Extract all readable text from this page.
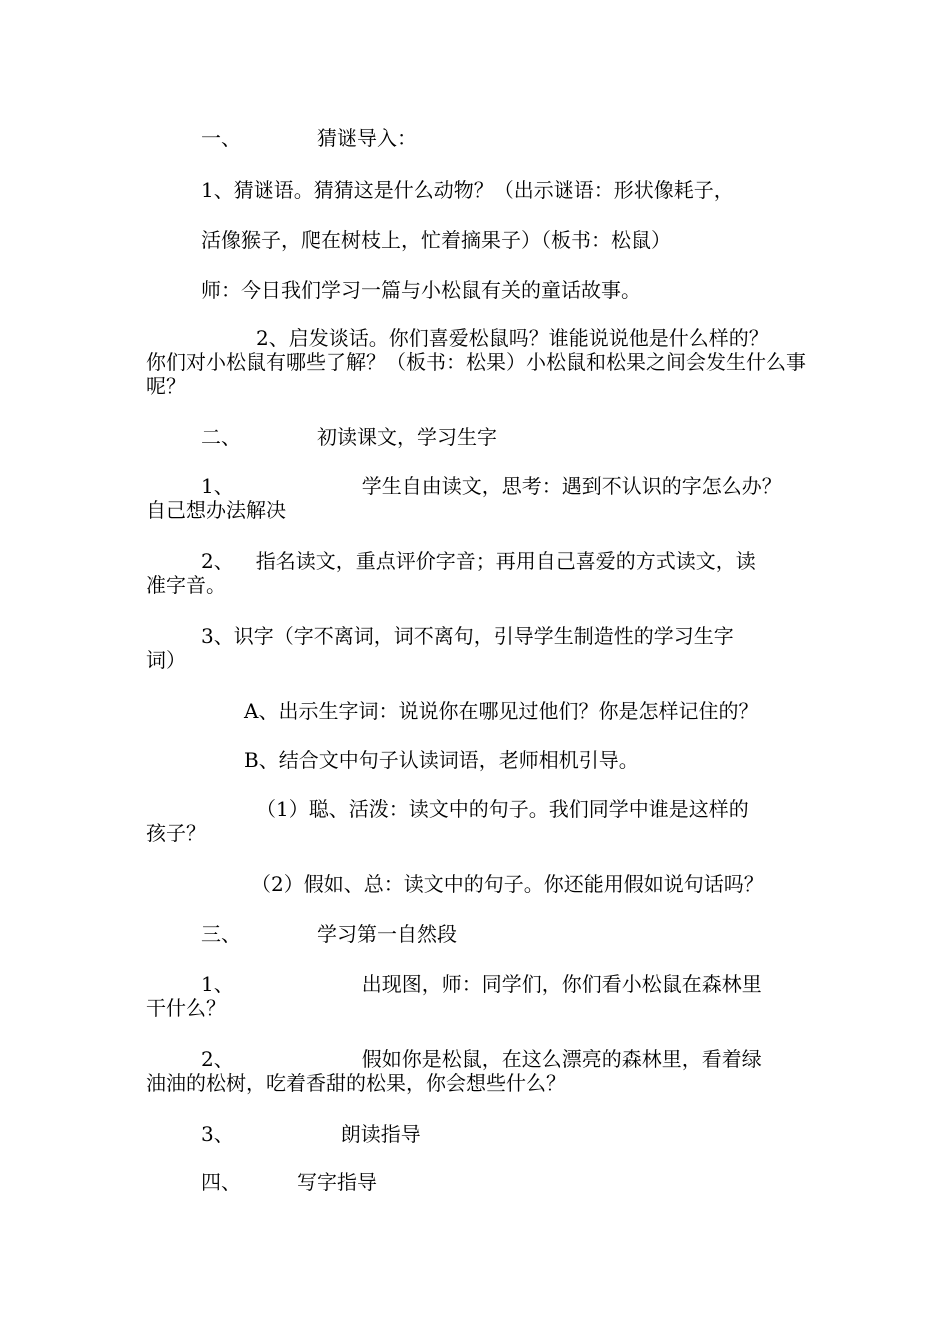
一、	猜谜导入：
1、猜谜语。猜猜这是什么动物？（出示谜语：形状像耗子，
活像猴子，爬在树枝上，忙着摘果子）（板书：松鼠）
师：今日我们学习一篇与小松鼠有关的童话故事。
2、启发谈话。你们喜爱松鼠吗？谁能说说他是什么样的？
你们对小松鼠有哪些了解？（板书：松果）小松鼠和松果之间会发生什么事呢？
二、	初读课文，学习生字
1、	学生自由读文，思考：遇到不认识的字怎么办？
自己想办法解决
2、 指名读文，重点评价字音；再用自己喜爱的方式读文，读
准字音。
3、识字（字不离词，词不离句，引导学生制造性的学习生字
词）
A、出示生字词：说说你在哪见过他们？你是怎样记住的？
B、结合文中句子认读词语，老师相机引导。
（1）聪、活泼：读文中的句子。我们同学中谁是这样的
孩子？
（2）假如、总：读文中的句子。你还能用假如说句话吗？
三、	学习第一自然段
1、	出现图，师：同学们，你们看小松鼠在森林里
干什么？
2、	假如你是松鼠，在这么漂亮的森林里，看着绿
油油的松树，吃着香甜的松果，你会想些什么？
3、	朗读指导
四、	写字指导
